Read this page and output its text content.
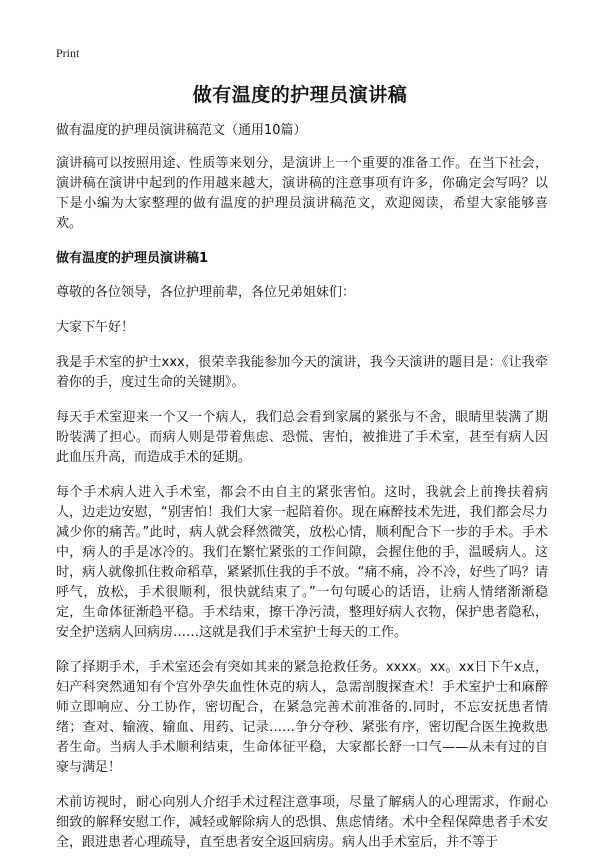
Print
做有温度的护理员演讲稿

做有温度的护理员演讲稿范文（通用10篇）

演讲稿可以按照用途、性质等来划分，是演讲上一个重要的准备工作。在当下社会，演讲稿在演讲中起到的作用越来越大，演讲稿的注意事项有许多，你确定会写吗？以下是小编为大家整理的做有温度的护理员演讲稿范文，欢迎阅读，希望大家能够喜欢。

做有温度的护理员演讲稿1

尊敬的各位领导，各位护理前辈，各位兄弟姐妹们：

大家下午好！

我是手术室的护士xxx，很荣幸我能参加今天的演讲，我今天演讲的题目是：《让我牵着你的手，度过生命的关键期》。

每天手术室迎来一个又一个病人，我们总会看到家属的紧张与不舍，眼睛里装满了期盼装满了担心。而病人则是带着焦虑、恐慌、害怕，被推进了手术室，甚至有病人因此血压升高，而造成手术的延期。

每个手术病人进入手术室，都会不由自主的紧张害怕。这时，我就会上前搀扶着病人，边走边安慰，“别害怕！我们大家一起陪着你。现在麻醉技术先进，我们都会尽力减少你的痛苦。”此时，病人就会释然微笑，放松心情，顺利配合下一步的手术。手术中，病人的手是冰冷的。我们在繁忙紧张的工作间隙，会握住他的手，温暖病人。这时，病人就像抓住救命稻草，紧紧抓住我的手不放。“痛不痛，冷不冷，好些了吗？请呼气，放松，手术很顺利，很快就结束了。”一句句暖心的话语，让病人情绪渐渐稳定，生命体征渐趋平稳。手术结束，擦干净污渍，整理好病人衣物，保护患者隐私，安全护送病人回病房……这就是我们手术室护士每天的工作。

除了择期手术，手术室还会有突如其来的紧急抢救任务。xxxx。xx。xx日下午x点，妇产科突然通知有个宫外孕失血性休克的病人，急需剖腹探查术！手术室护士和麻醉师立即响应、分工协作，密切配合，在紧急完善术前准备的.同时，不忘安抚患者情绪；查对、输液、输血、用药、记录……争分夺秒、紧张有序，密切配合医生挽救患者生命。当病人手术顺利结束，生命体征平稳，大家都长舒一口气——从未有过的自豪与满足！

术前访视时，耐心向别人介绍手术过程注意事项，尽量了解病人的心理需求，作耐心细致的解释安慰工作，减轻或解除病人的恐惧、焦虑情绪。术中全程保障患者手术安全，跟进患者心理疏导，直至患者安全返回病房。病人出手术室后，并不等于
